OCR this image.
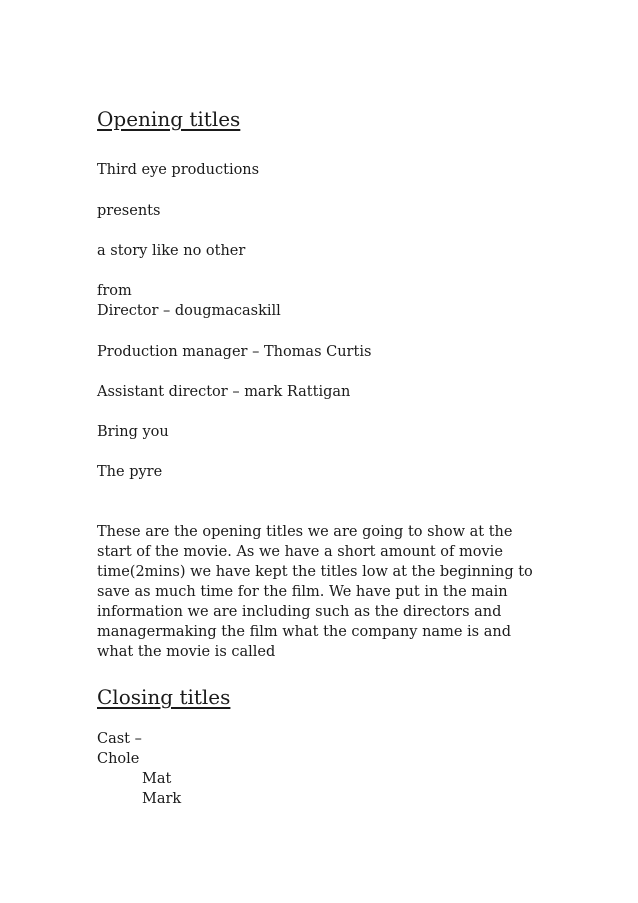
Opening titles
Third eye productions
presents
a story like no other
from
Director – dougmacaskill
Production manager – Thomas Curtis
Assistant director – mark Rattigan
Bring you
The pyre
These are the opening titles we are going to show at the
start of the movie. As we have a short amount of movie
time(2mins) we have kept the titles low at the beginning to
save as much time for the film. We have put in the main
information we are including such as the directors and
managermaking the film what the company name is and
what the movie is called
Closing titles
Cast –
Chole
Mat
Mark
